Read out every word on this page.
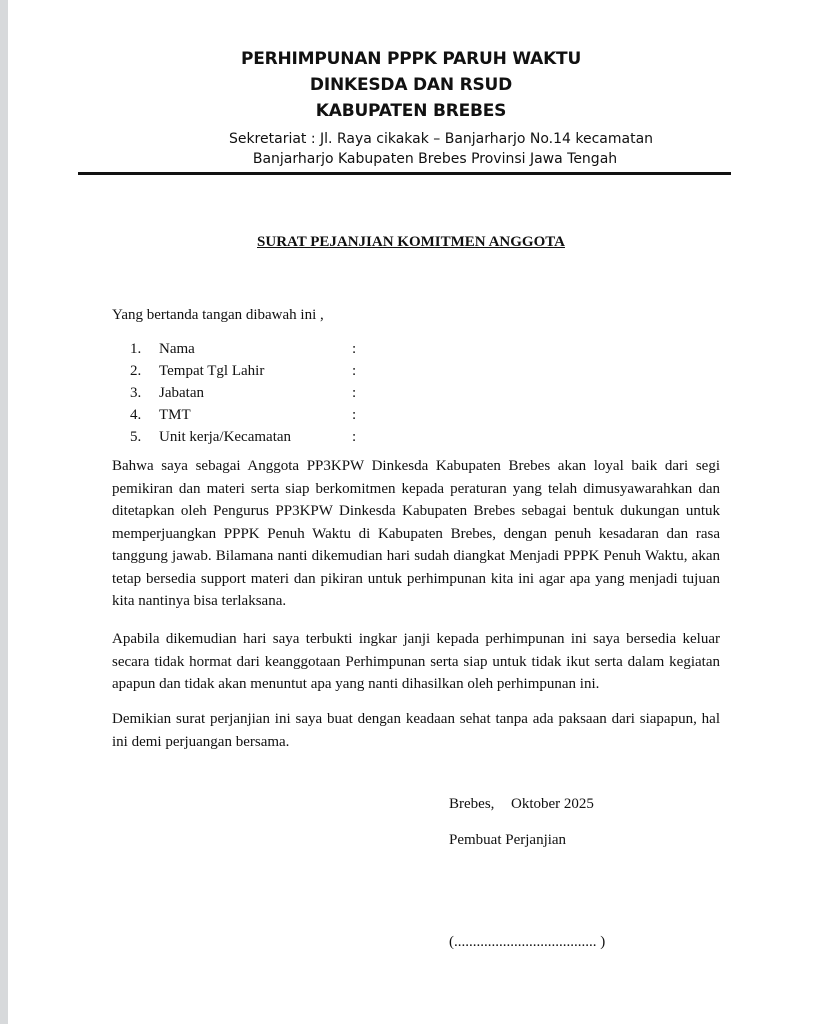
PERHIMPUNAN PPPK PARUH WAKTU
DINKESDA DAN RSUD
KABUPATEN BREBES
Sekretariat : Jl. Raya cikakak – Banjarharjo No.14 kecamatan
Banjarharjo Kabupaten Brebes Provinsi Jawa Tengah
SURAT PEJANJIAN KOMITMEN ANGGOTA
Yang bertanda tangan dibawah ini ,
1. Nama	:
2. Tempat Tgl Lahir	:
3. Jabatan	:
4. TMT	:
5. Unit kerja/Kecamatan	:
Bahwa saya sebagai Anggota PP3KPW Dinkesda Kabupaten Brebes akan loyal baik dari segi pemikiran dan materi serta siap berkomitmen kepada peraturan yang telah dimusyawarahkan dan ditetapkan oleh Pengurus PP3KPW Dinkesda Kabupaten Brebes sebagai bentuk dukungan untuk memperjuangkan PPPK Penuh Waktu di Kabupaten Brebes, dengan penuh kesadaran dan rasa tanggung jawab. Bilamana nanti dikemudian hari sudah diangkat Menjadi PPPK Penuh Waktu, akan tetap bersedia support materi dan pikiran untuk perhimpunan kita ini agar apa yang menjadi tujuan kita nantinya bisa terlaksana.
Apabila dikemudian hari saya terbukti ingkar janji kepada perhimpunan ini saya bersedia keluar secara tidak hormat dari keanggotaan Perhimpunan serta siap untuk tidak ikut serta dalam kegiatan apapun dan tidak akan menuntut apa yang nanti dihasilkan oleh perhimpunan ini.
Demikian surat perjanjian ini saya buat dengan keadaan sehat tanpa ada paksaan dari siapapun, hal ini demi perjuangan bersama.
Brebes, Oktober 2025
Pembuat Perjanjian
(...................................... )
